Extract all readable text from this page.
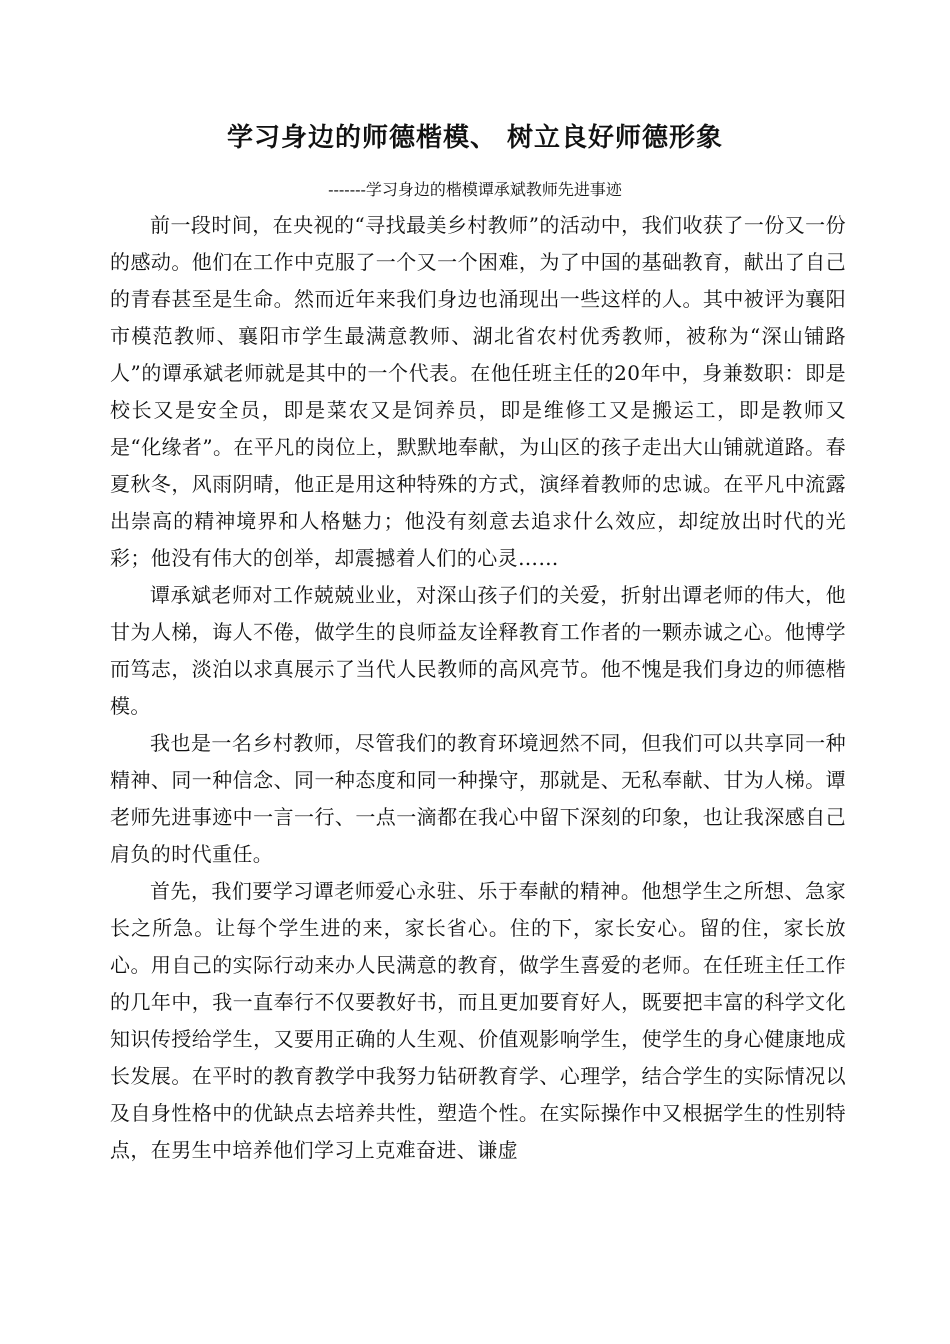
学习身边的师德楷模、 树立良好师德形象
-------学习身边的楷模谭承斌教师先进事迹

前一段时间，在央视的“寻找最美乡村教师”的活动中，我们收获了一份又一份的感动。他们在工作中克服了一个又一个困难，为了中国的基础教育，献出了自己的青春甚至是生命。然而近年来我们身边也涌现出一些这样的人。其中被评为襄阳市模范教师、襄阳市学生最满意教师、湖北省农村优秀教师，被称为“深山铺路人”的谭承斌老师就是其中的一个代表。在他任班主任的20年中，身兼数职：即是校长又是安全员，即是菜农又是饲养员，即是维修工又是搬运工，即是教师又是“化缘者”。在平凡的岗位上，默默地奉献，为山区的孩子走出大山铺就道路。春夏秋冬，风雨阴晴，他正是用这种特殊的方式，演绎着教师的忠诚。在平凡中流露出崇高的精神境界和人格魅力；他没有刻意去追求什么效应，却绽放出时代的光彩；他没有伟大的创举，却震撼着人们的心灵……

谭承斌老师对工作兢兢业业，对深山孩子们的关爱，折射出谭老师的伟大，他甘为人梯，诲人不倦，做学生的良师益友诠释教育工作者的一颗赤诚之心。他博学而笃志，淡泊以求真展示了当代人民教师的高风亮节。他不愧是我们身边的师德楷模。

我也是一名乡村教师，尽管我们的教育环境迥然不同，但我们可以共享同一种精神、同一种信念、同一种态度和同一种操守，那就是、无私奉献、甘为人梯。谭老师先进事迹中一言一行、一点一滴都在我心中留下深刻的印象，也让我深感自己肩负的时代重任。

首先，我们要学习谭老师爱心永驻、乐于奉献的精神。他想学生之所想、急家长之所急。让每个学生进的来，家长省心。住的下，家长安心。留的住，家长放心。用自己的实际行动来办人民满意的教育，做学生喜爱的老师。在任班主任工作的几年中，我一直奉行不仅要教好书，而且更加要育好人，既要把丰富的科学文化知识传授给学生，又要用正确的人生观、价值观影响学生，使学生的身心健康地成长发展。在平时的教育教学中我努力钻研教育学、心理学，结合学生的实际情况以及自身性格中的优缺点去培养共性，塑造个性。在实际操作中又根据学生的性别特点，在男生中培养他们学习上克难奋进、谦虚
